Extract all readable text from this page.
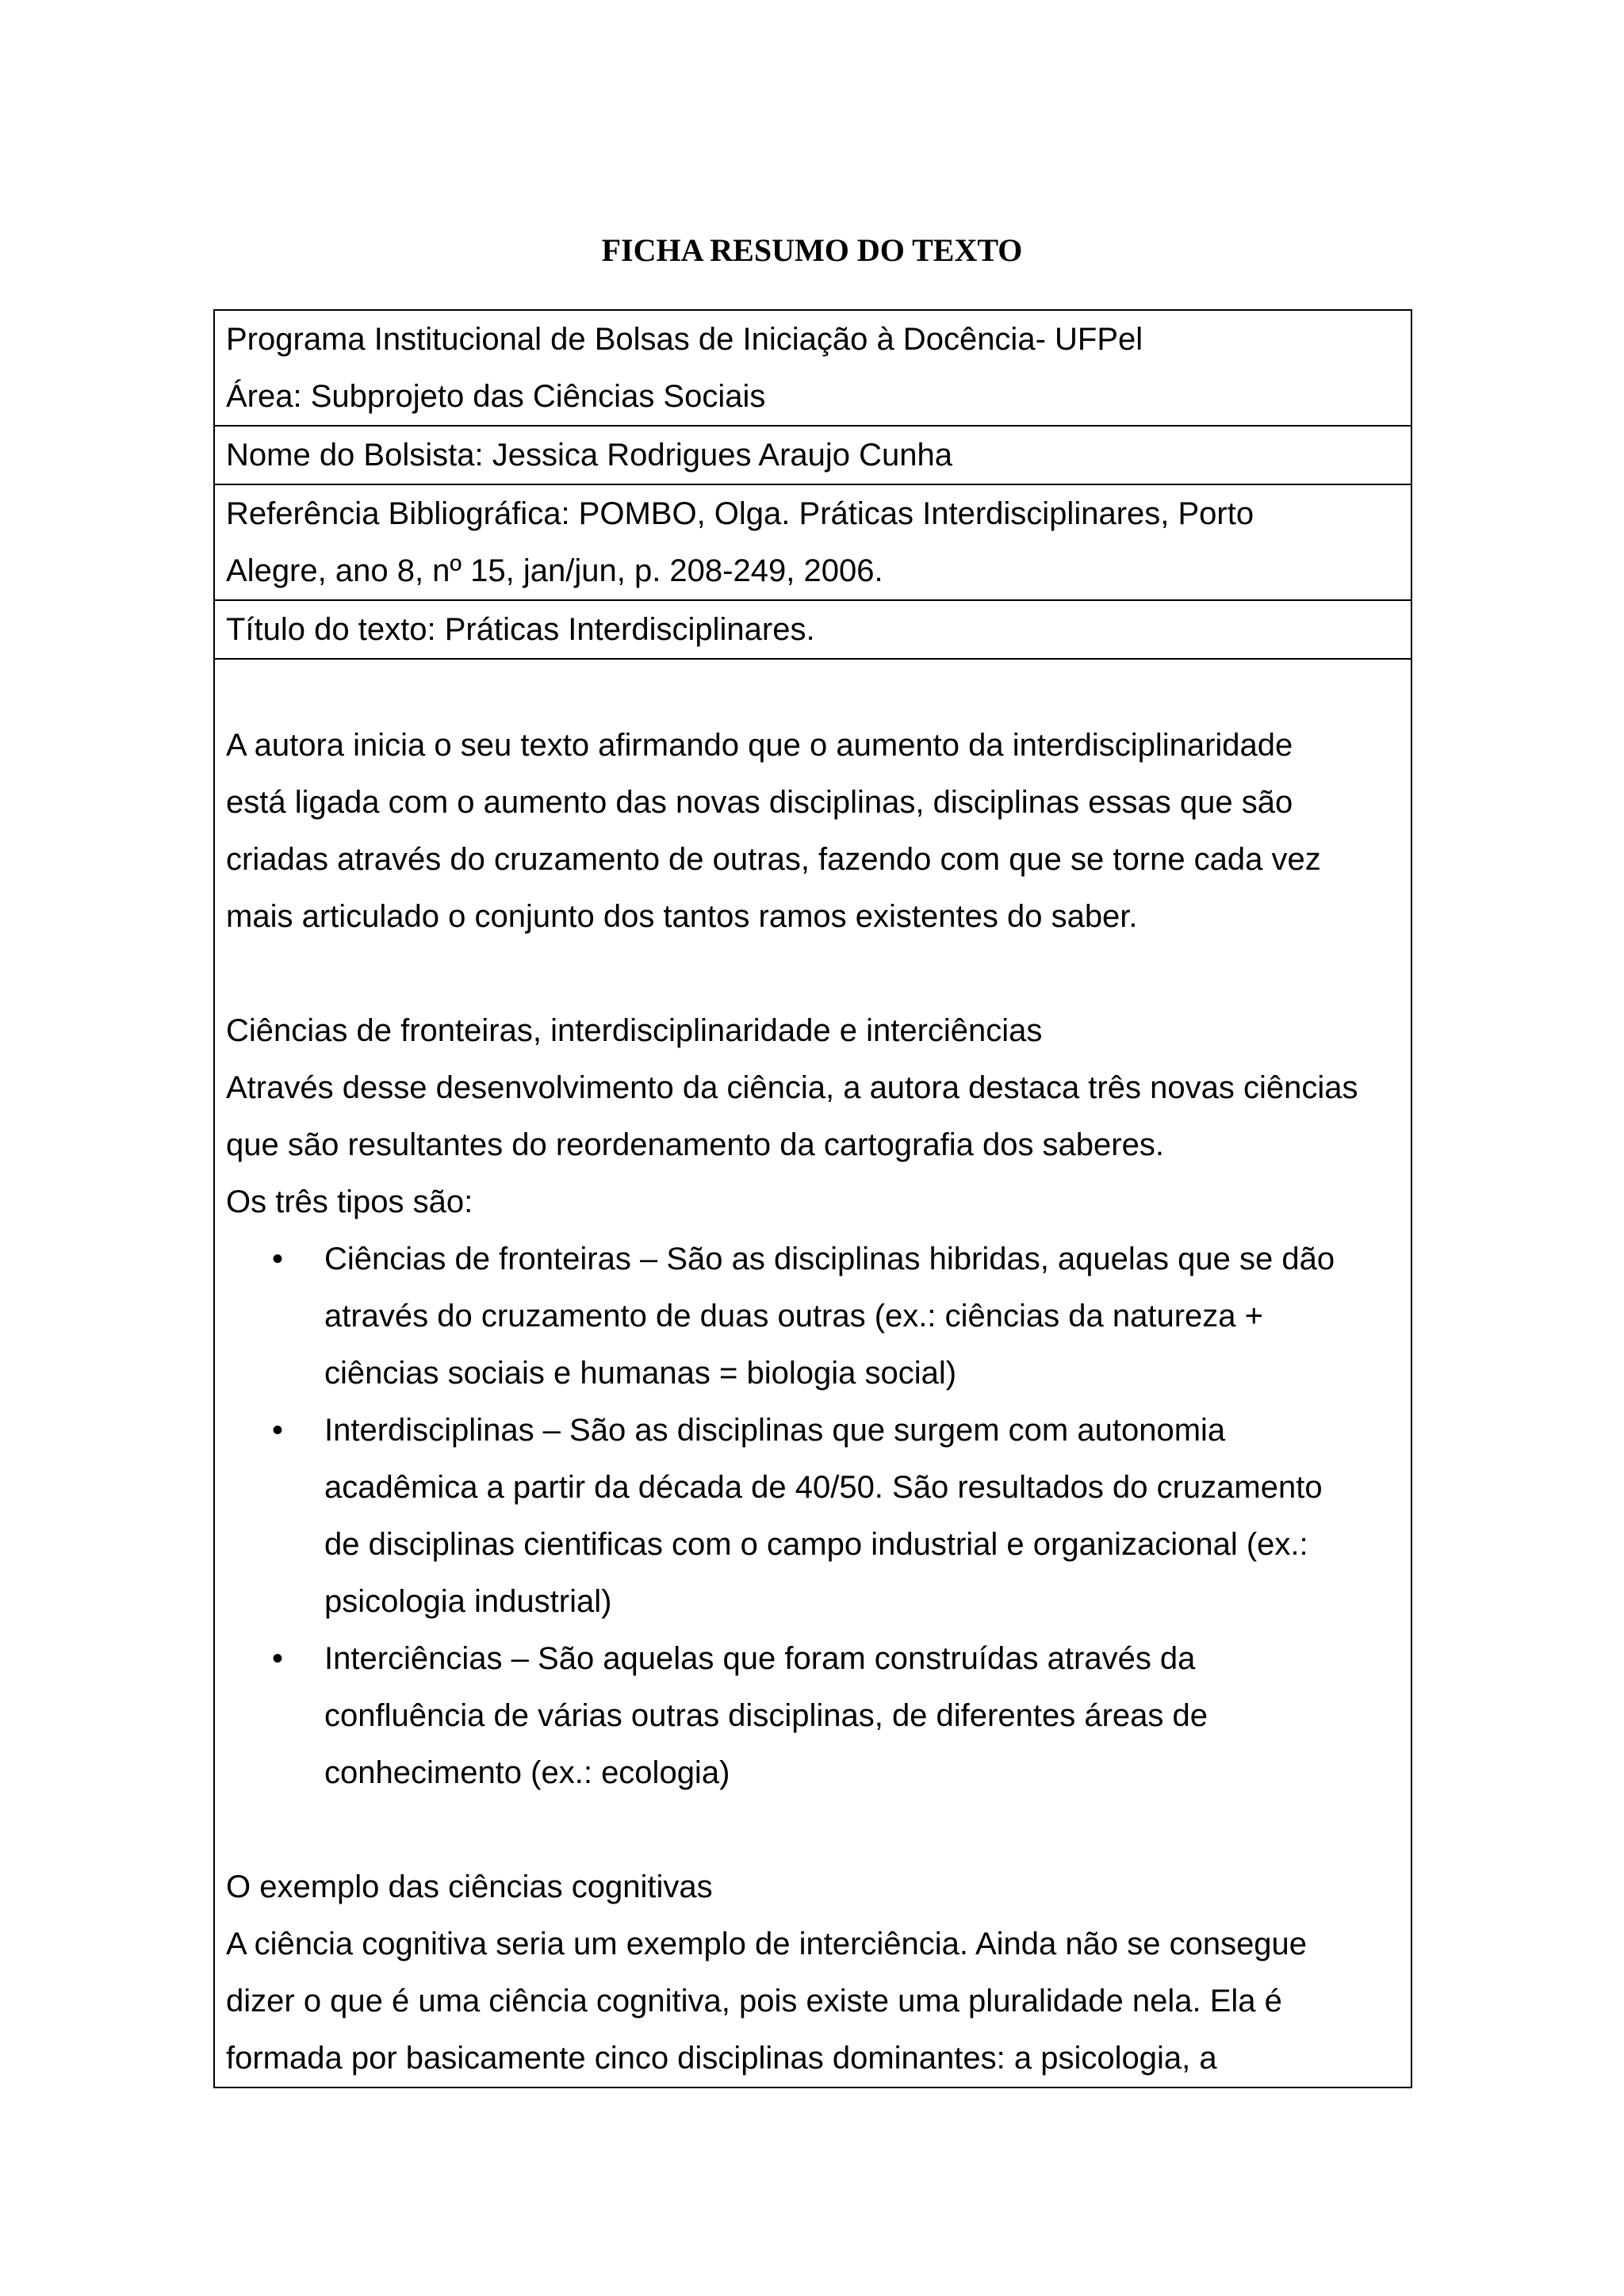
FICHA RESUMO DO TEXTO
Programa Institucional de Bolsas de Iniciação à Docência- UFPel
Área: Subprojeto das Ciências Sociais

Nome do Bolsista: Jessica Rodrigues Araujo Cunha

Referência Bibliográfica: POMBO, Olga. Práticas Interdisciplinares, Porto
Alegre, ano 8, nº 15, jan/jun, p. 208-249, 2006.

Título do texto: Práticas Interdisciplinares.

A autora inicia o seu texto afirmando que o aumento da interdisciplinaridade
está ligada com o aumento das novas disciplinas, disciplinas essas que são
criadas através do cruzamento de outras, fazendo com que se torne cada vez
mais articulado o conjunto dos tantos ramos existentes do saber.
Ciências de fronteiras, interdisciplinaridade e interciências
Através desse desenvolvimento da ciência, a autora destaca três novas ciências
que são resultantes do reordenamento da cartografia dos saberes.
Os três tipos são:
• Ciências de fronteiras – São as disciplinas hibridas, aquelas que se dão
através do cruzamento de duas outras (ex.: ciências da natureza +
ciências sociais e humanas = biologia social)
• Interdisciplinas – São as disciplinas que surgem com autonomia
acadêmica a partir da década de 40/50. São resultados do cruzamento
de disciplinas cientificas com o campo industrial e organizacional (ex.:
psicologia industrial)
• Interciências – São aquelas que foram construídas através da
confluência de várias outras disciplinas, de diferentes áreas de
conhecimento (ex.: ecologia)
O exemplo das ciências cognitivas
A ciência cognitiva seria um exemplo de interciência. Ainda não se consegue
dizer o que é uma ciência cognitiva, pois existe uma pluralidade nela. Ela é
formada por basicamente cinco disciplinas dominantes: a psicologia, a
